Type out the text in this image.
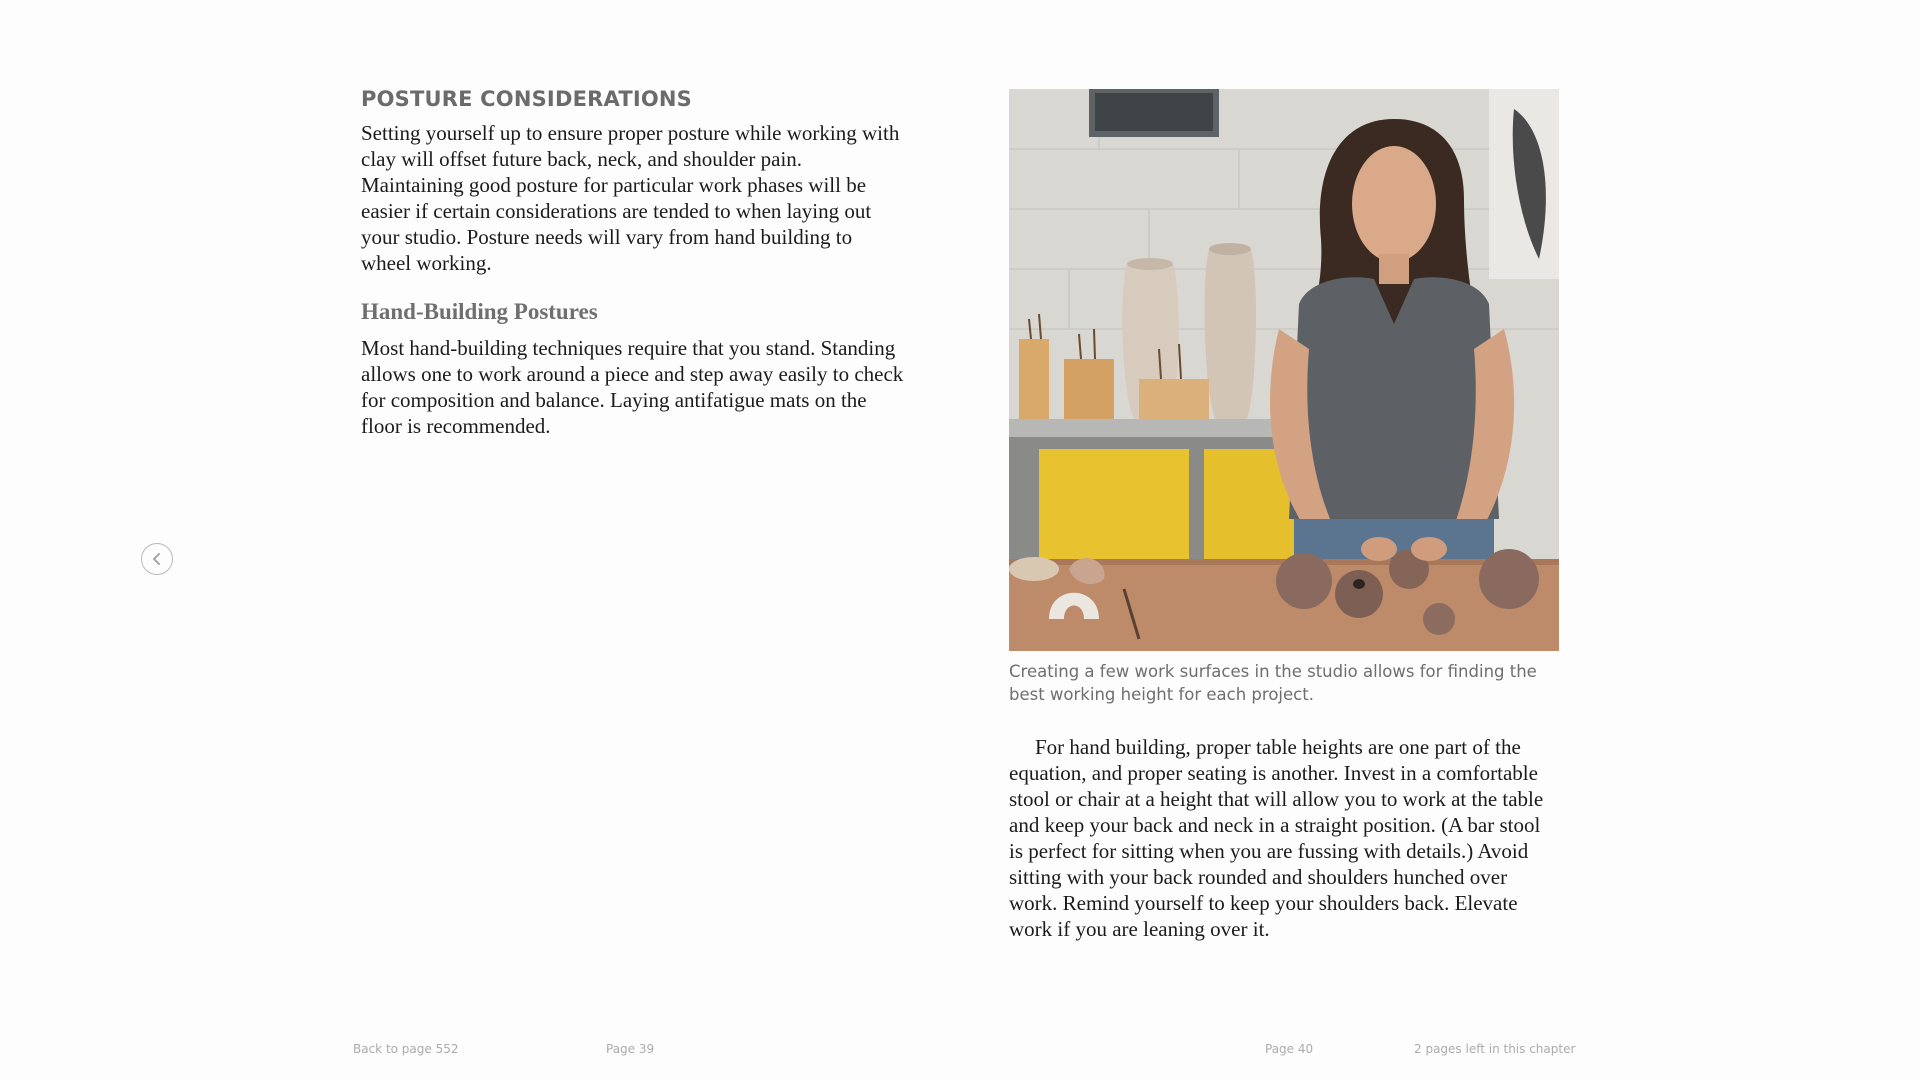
POSTURE CONSIDERATIONS

Setting yourself up to ensure proper posture while working with clay will offset future back, neck, and shoulder pain. Maintaining good posture for particular work phases will be easier if certain considerations are tended to when laying out your studio. Posture needs will vary from hand building to wheel working.

Hand-Building Postures

Most hand-building techniques require that you stand. Standing allows one to work around a piece and step away easily to check for composition and balance. Laying antifatigue mats on the floor is recommended.

Creating a few work surfaces in the studio allows for finding the best working height for each project.

For hand building, proper table heights are one part of the equation, and proper seating is another. Invest in a comfortable stool or chair at a height that will allow you to work at the table and keep your back and neck in a straight position. (A bar stool is perfect for sitting when you are fussing with details.) Avoid sitting with your back rounded and shoulders hunched over work. Remind yourself to keep your shoulders back. Elevate work if you are leaning over it.

Back to page 552	Page 39	Page 40	2 pages left in this chapter
